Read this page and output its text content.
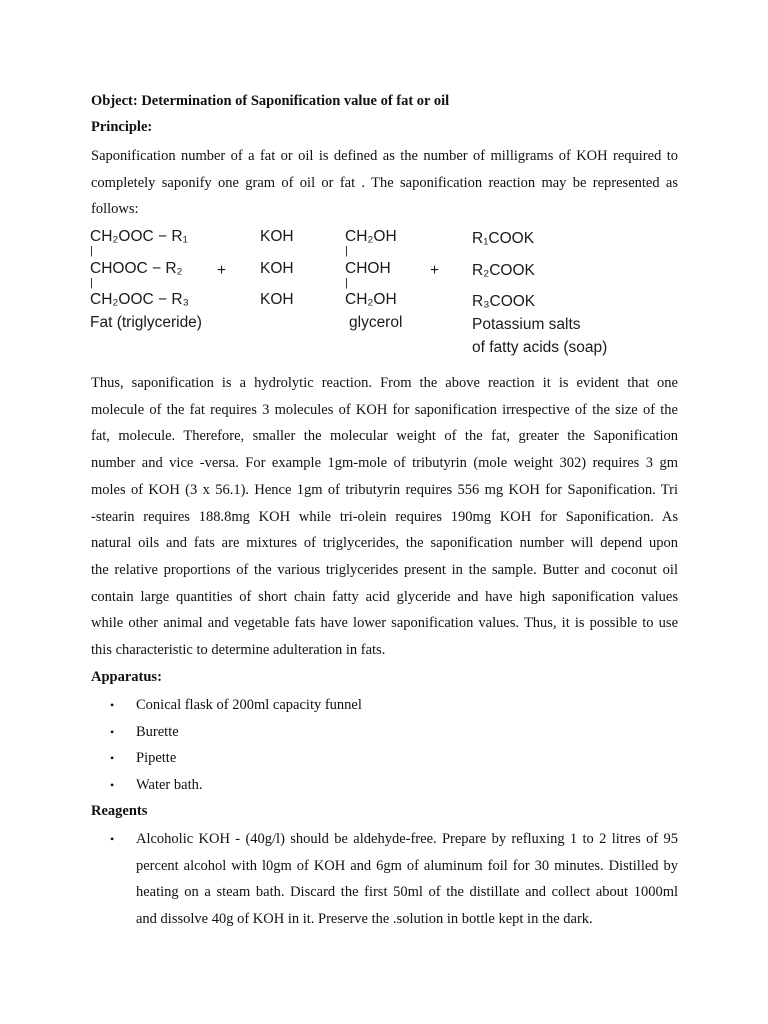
Object: Determination of Saponification value of fat or oil
Principle:
Saponification number of a fat or oil is defined as the number of milligrams of KOH required to
completely saponify one gram of oil or fat . The saponification reaction may be represented as
follows:
CH₂OOC − R₁
CHOOC − R₂
CH₂OOC − R₃
|
|
Fat (triglyceride)
+
KOH
KOH
KOH
CH₂OH
CHOH
CH₂OH
|
|
glycerol
+
R₁COOK
R₂COOK
R₃COOK
Potassium salts
of fatty acids (soap)
Thus, saponification is a hydrolytic reaction. From the above reaction it is evident that one
molecule of the fat requires 3 molecules of KOH for saponification irrespective of the size of the
fat, molecule. Therefore, smaller the molecular weight of the fat, greater the Saponification
number and vice -versa. For example 1gm-mole of tributyrin (mole weight 302) requires 3 gm
moles of KOH (3 x 56.1). Hence 1gm of tributyrin requires 556 mg KOH for Saponification. Tri
-stearin requires 188.8mg KOH while tri-olein requires 190mg KOH for Saponification. As
natural oils and fats are mixtures of triglycerides, the saponification number will depend upon
the relative proportions of the various triglycerides present in the sample. Butter and coconut oil
contain large quantities of short chain fatty acid glyceride and have high saponification values
while other animal and vegetable fats have lower saponification values. Thus, it is possible to use
this characteristic to determine adulteration in fats.
Apparatus:
• Conical flask of 200ml capacity funnel
• Burette
• Pipette
• Water bath.
Reagents
• Alcoholic KOH - (40g/l) should be aldehyde-free. Prepare by refluxing 1 to 2 litres of 95
percent alcohol with l0gm of KOH and 6gm of aluminum foil for 30 minutes. Distilled by
heating on a steam bath. Discard the first 50ml of the distillate and collect about 1000ml
and dissolve 40g of KOH in it. Preserve the .solution in bottle kept in the dark.
